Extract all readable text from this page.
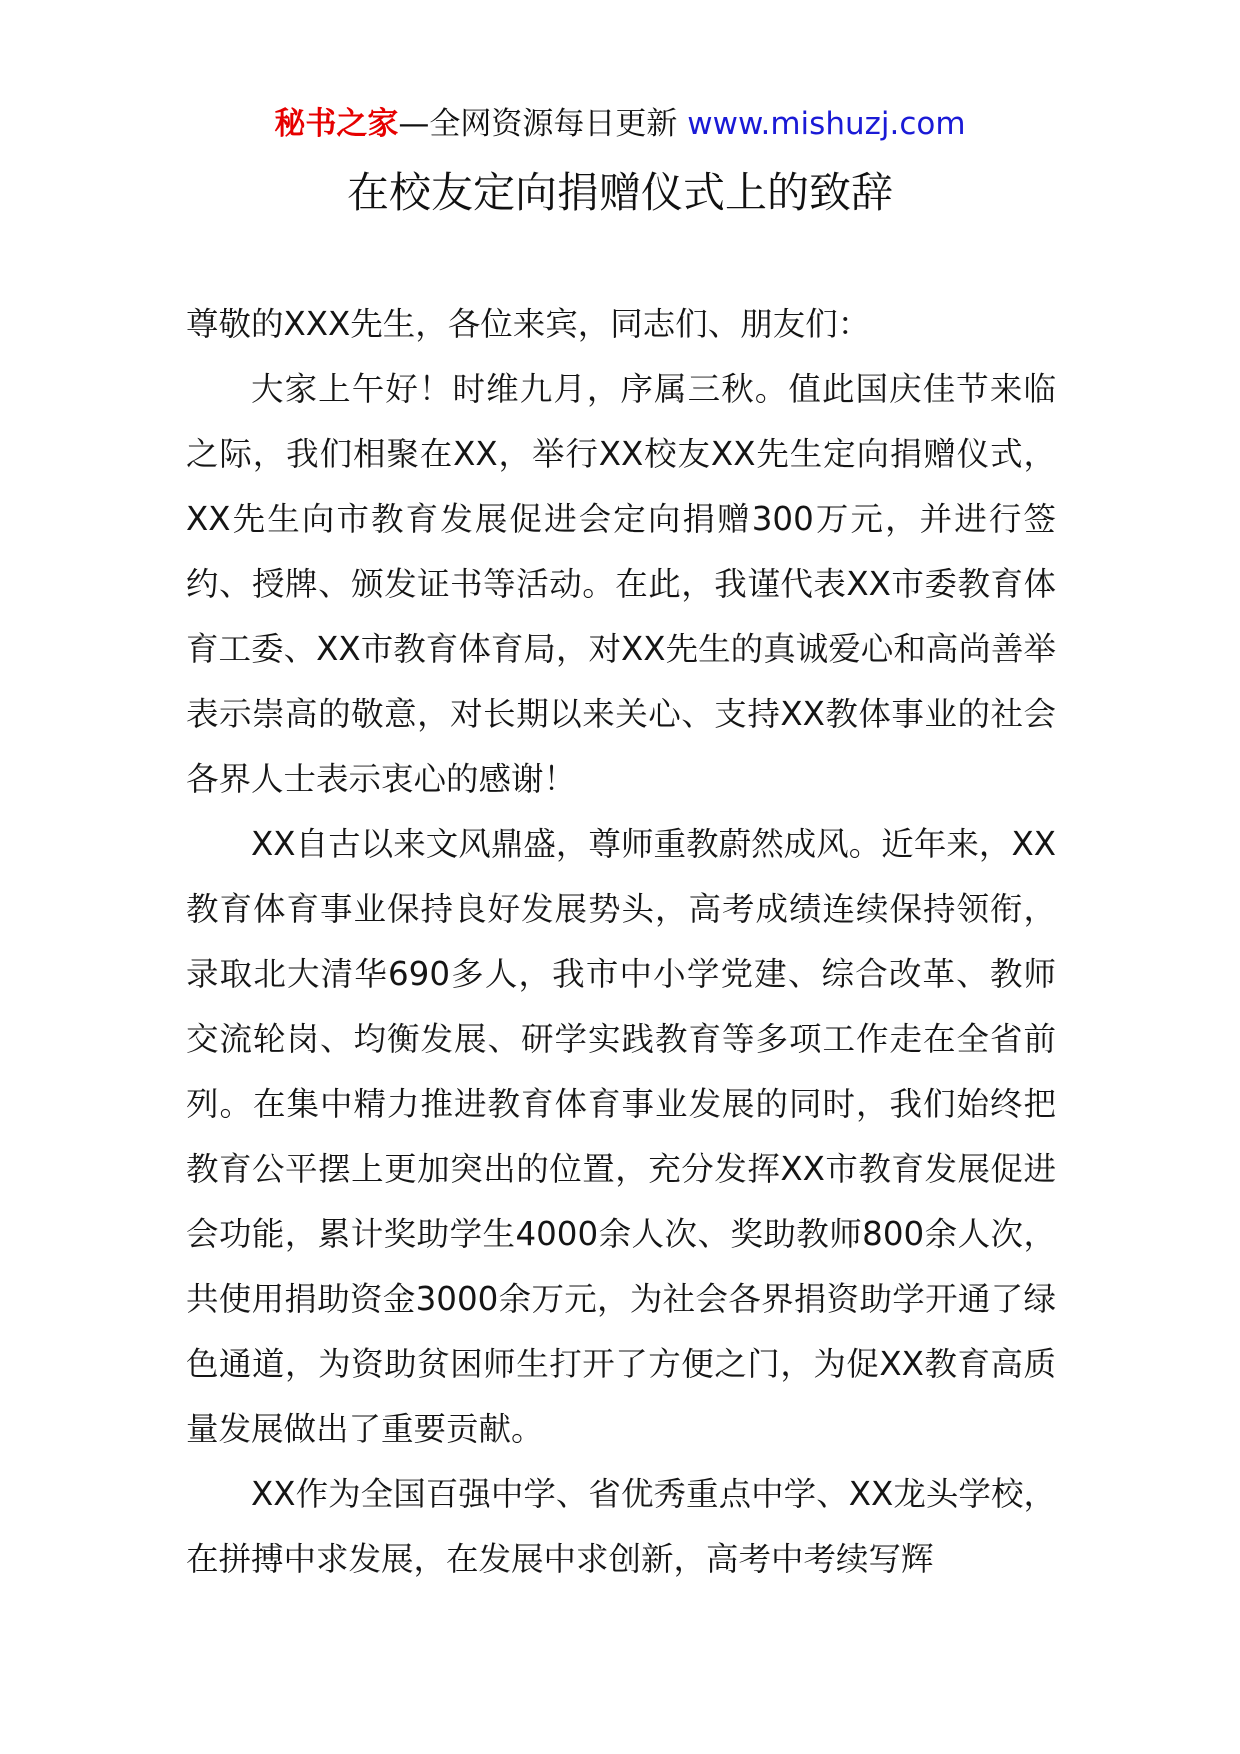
秘书之家—全网资源每日更新 www.mishuzj.com
在校友定向捐赠仪式上的致辞

尊敬的XXX先生，各位来宾，同志们、朋友们：

大家上午好！时维九月，序属三秋。值此国庆佳节来临之际，我们相聚在XX，举行XX校友XX先生定向捐赠仪式，XX先生向市教育发展促进会定向捐赠300万元，并进行签约、授牌、颁发证书等活动。在此，我谨代表XX市委教育体育工委、XX市教育体育局，对XX先生的真诚爱心和高尚善举表示崇高的敬意，对长期以来关心、支持XX教体事业的社会各界人士表示衷心的感谢！

XX自古以来文风鼎盛，尊师重教蔚然成风。近年来，XX教育体育事业保持良好发展势头，高考成绩连续保持领衔，录取北大清华690多人，我市中小学党建、综合改革、教师交流轮岗、均衡发展、研学实践教育等多项工作走在全省前列。在集中精力推进教育体育事业发展的同时，我们始终把教育公平摆上更加突出的位置，充分发挥XX市教育发展促进会功能，累计奖助学生4000余人次、奖助教师800余人次，共使用捐助资金3000余万元，为社会各界捐资助学开通了绿色通道，为资助贫困师生打开了方便之门，为促XX教育高质量发展做出了重要贡献。

XX作为全国百强中学、省优秀重点中学、XX龙头学校，在拼搏中求发展，在发展中求创新，高考中考续写辉
